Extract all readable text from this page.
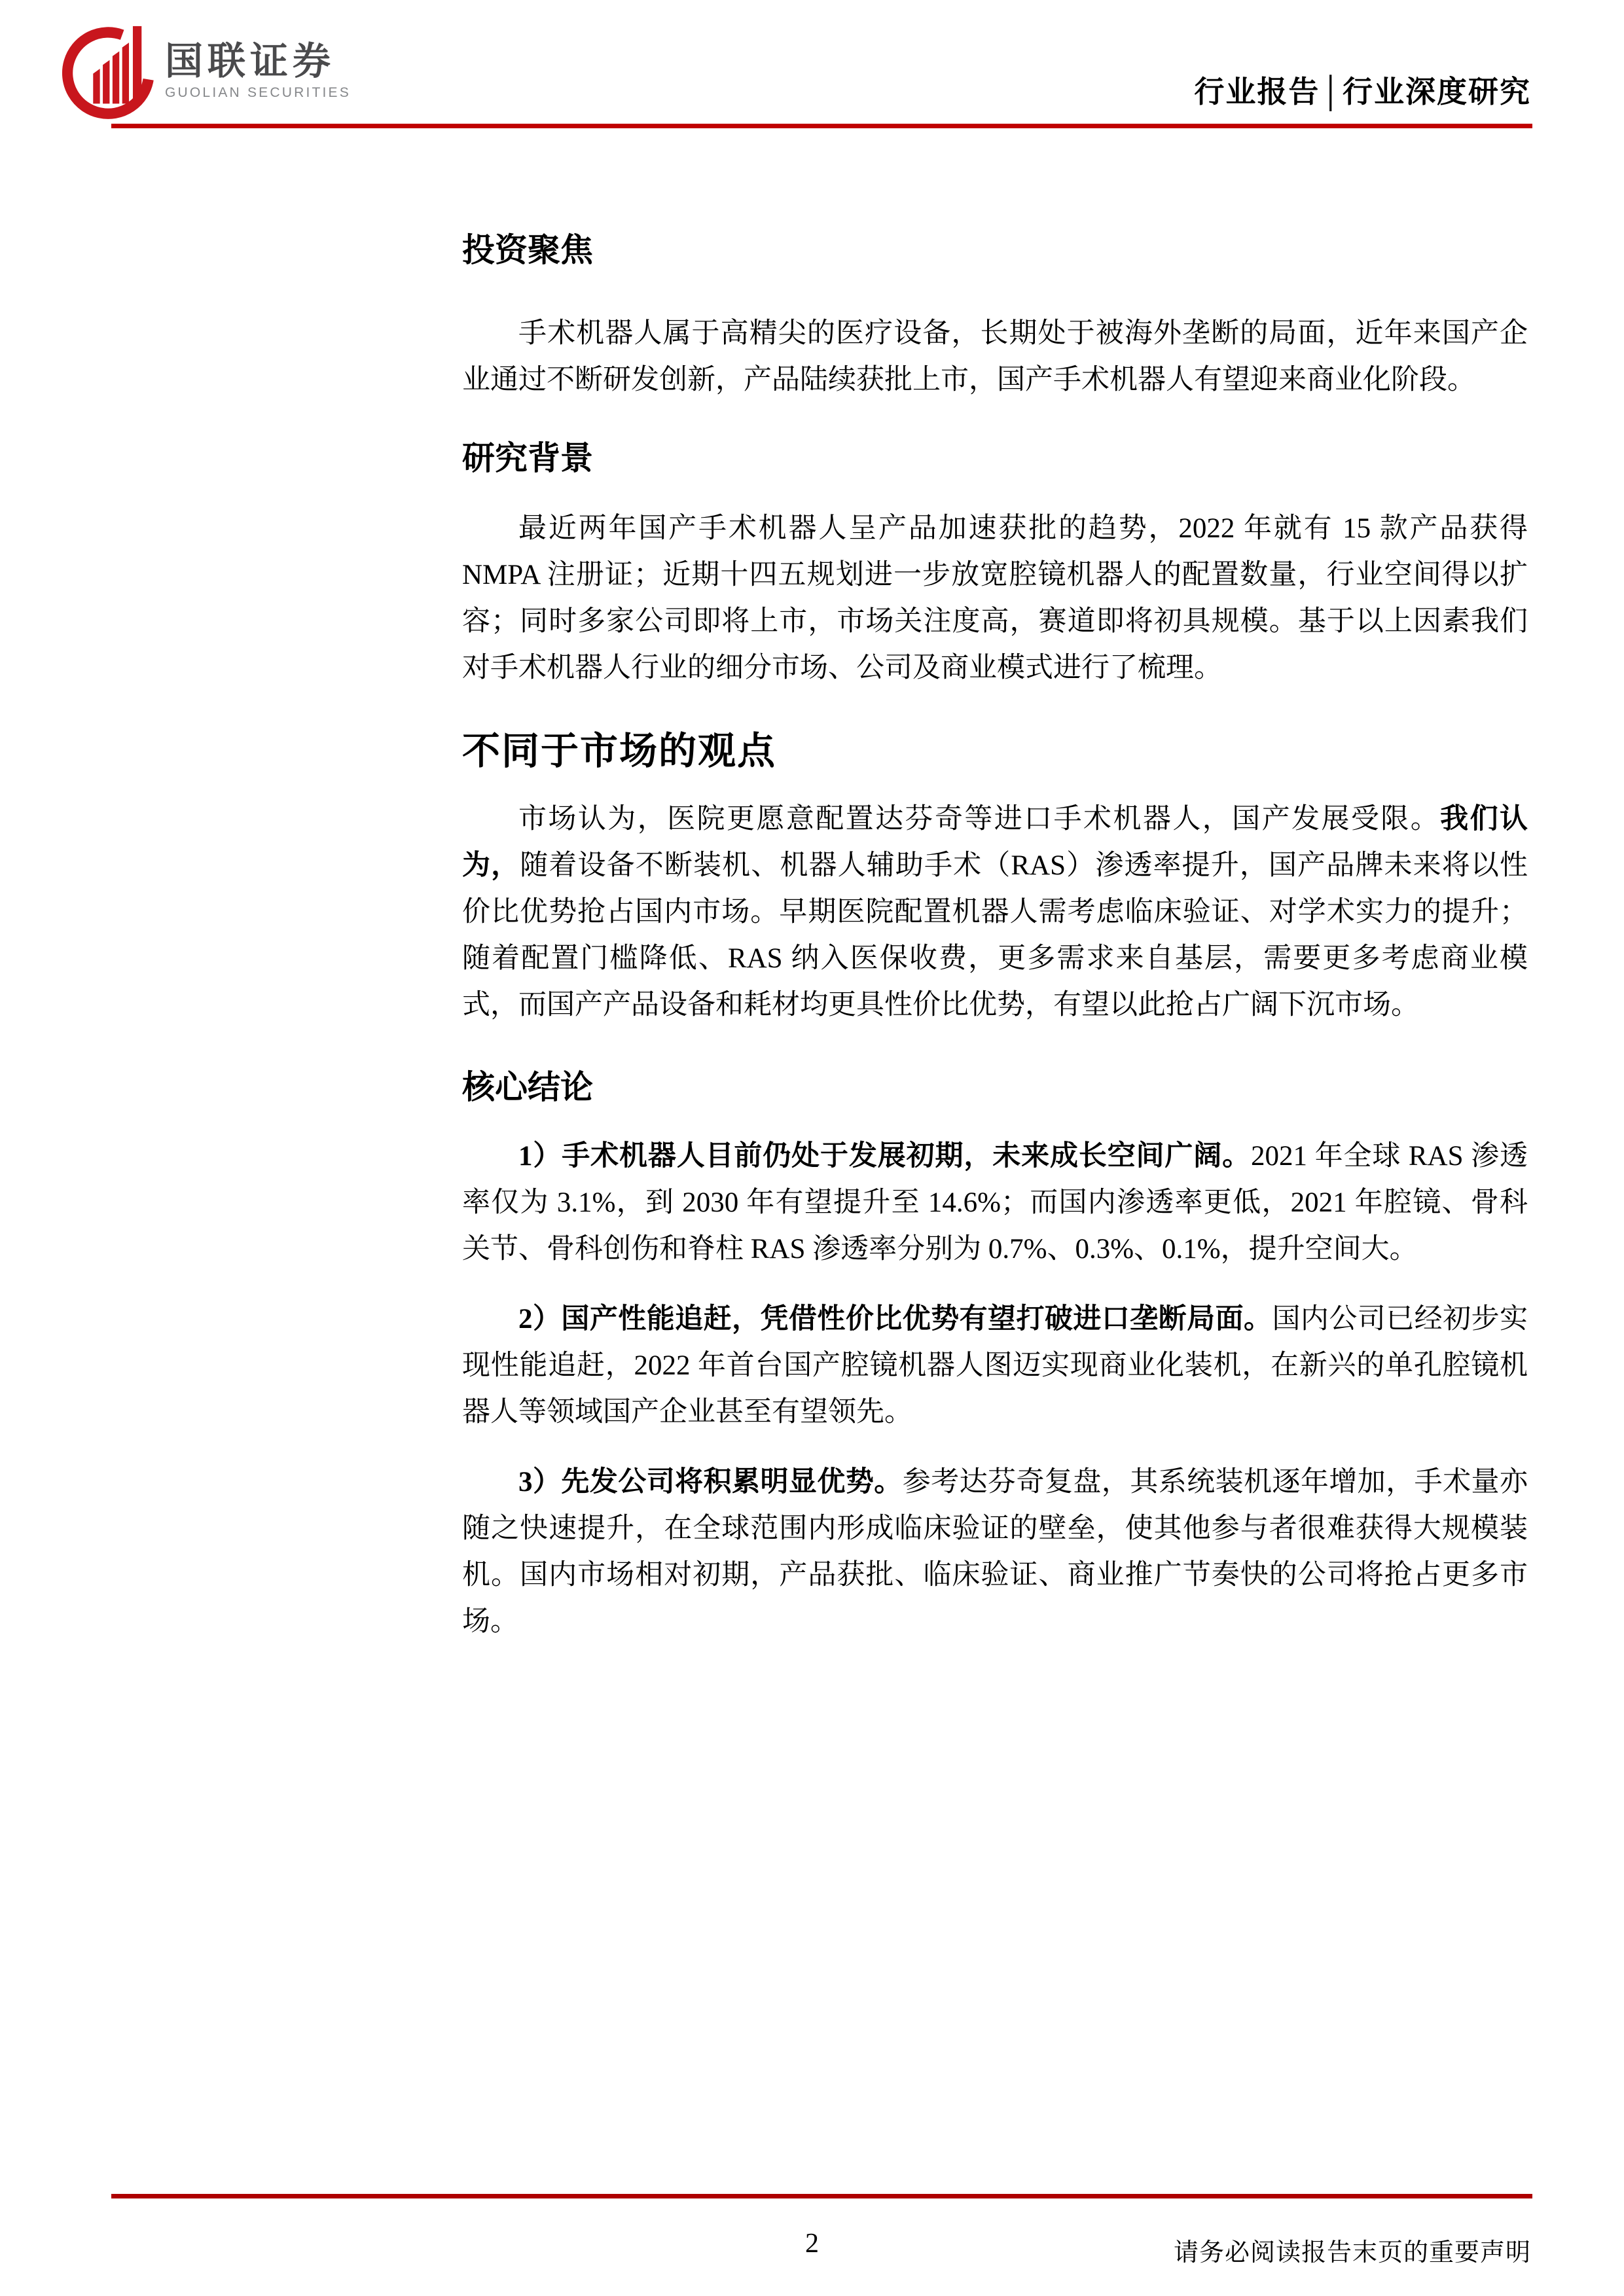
国联证券
GUOLIAN SECURITIES	行业报告│行业深度研究
投资聚焦

手术机器人属于高精尖的医疗设备，长期处于被海外垄断的局面，近年来国产企业通过不断研发创新，产品陆续获批上市，国产手术机器人有望迎来商业化阶段。

研究背景

最近两年国产手术机器人呈产品加速获批的趋势，2022 年就有 15 款产品获得 NMPA 注册证；近期十四五规划进一步放宽腔镜机器人的配置数量，行业空间得以扩容；同时多家公司即将上市，市场关注度高，赛道即将初具规模。基于以上因素我们对手术机器人行业的细分市场、公司及商业模式进行了梳理。

不同于市场的观点

市场认为，医院更愿意配置达芬奇等进口手术机器人，国产发展受限。我们认为，随着设备不断装机、机器人辅助手术（RAS）渗透率提升，国产品牌未来将以性价比优势抢占国内市场。早期医院配置机器人需考虑临床验证、对学术实力的提升；随着配置门槛降低、RAS 纳入医保收费，更多需求来自基层，需要更多考虑商业模式，而国产产品设备和耗材均更具性价比优势，有望以此抢占广阔下沉市场。

核心结论

1）手术机器人目前仍处于发展初期，未来成长空间广阔。2021 年全球 RAS 渗透率仅为 3.1%，到 2030 年有望提升至 14.6%；而国内渗透率更低，2021 年腔镜、骨科关节、骨科创伤和脊柱 RAS 渗透率分别为 0.7%、0.3%、0.1%，提升空间大。

2）国产性能追赶，凭借性价比优势有望打破进口垄断局面。国内公司已经初步实现性能追赶，2022 年首台国产腔镜机器人图迈实现商业化装机，在新兴的单孔腔镜机器人等领域国产企业甚至有望领先。

3）先发公司将积累明显优势。参考达芬奇复盘，其系统装机逐年增加，手术量亦随之快速提升，在全球范围内形成临床验证的壁垒，使其他参与者很难获得大规模装机。国内市场相对初期，产品获批、临床验证、商业推广节奏快的公司将抢占更多市场。

2	请务必阅读报告末页的重要声明
